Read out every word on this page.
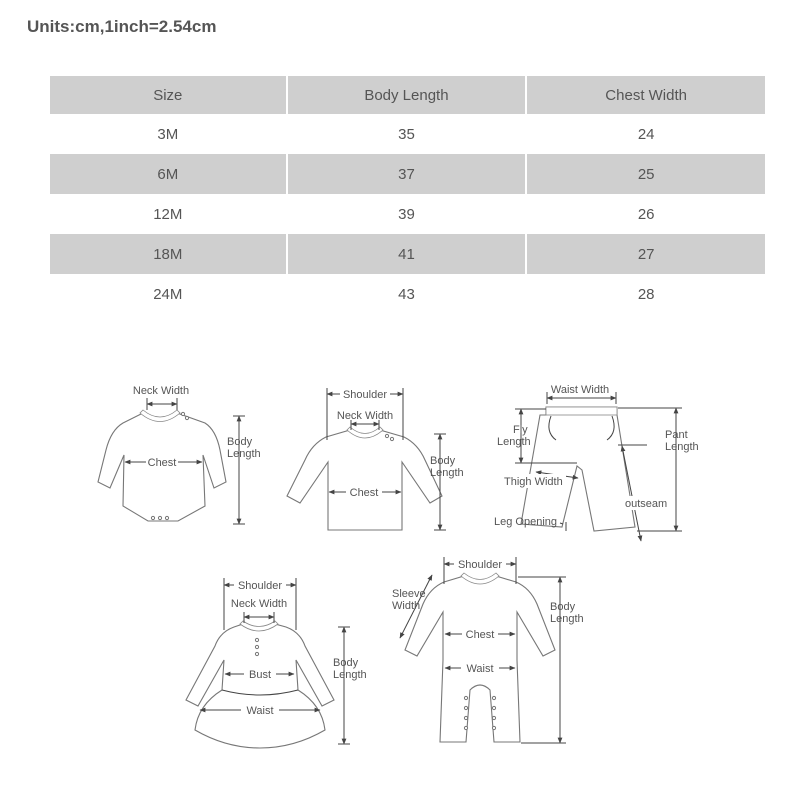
Units:cm,1inch=2.54cm
Size	Body Length	Chest Width
3M	35	24
6M	37	25
12M	39	26
18M	41	27
24M	43	28
Neck Width
Body
Length
Chest
Shoulder
Neck Width
Body
Length
Chest
Waist Width
Fly
Length
Pant
Length
Thigh Width
outseam
Leg Opening
Shoulder
Neck Width
Bust
Waist
Body
Length
Shoulder
Sleeve
Width
Chest
Waist
Body
Length
